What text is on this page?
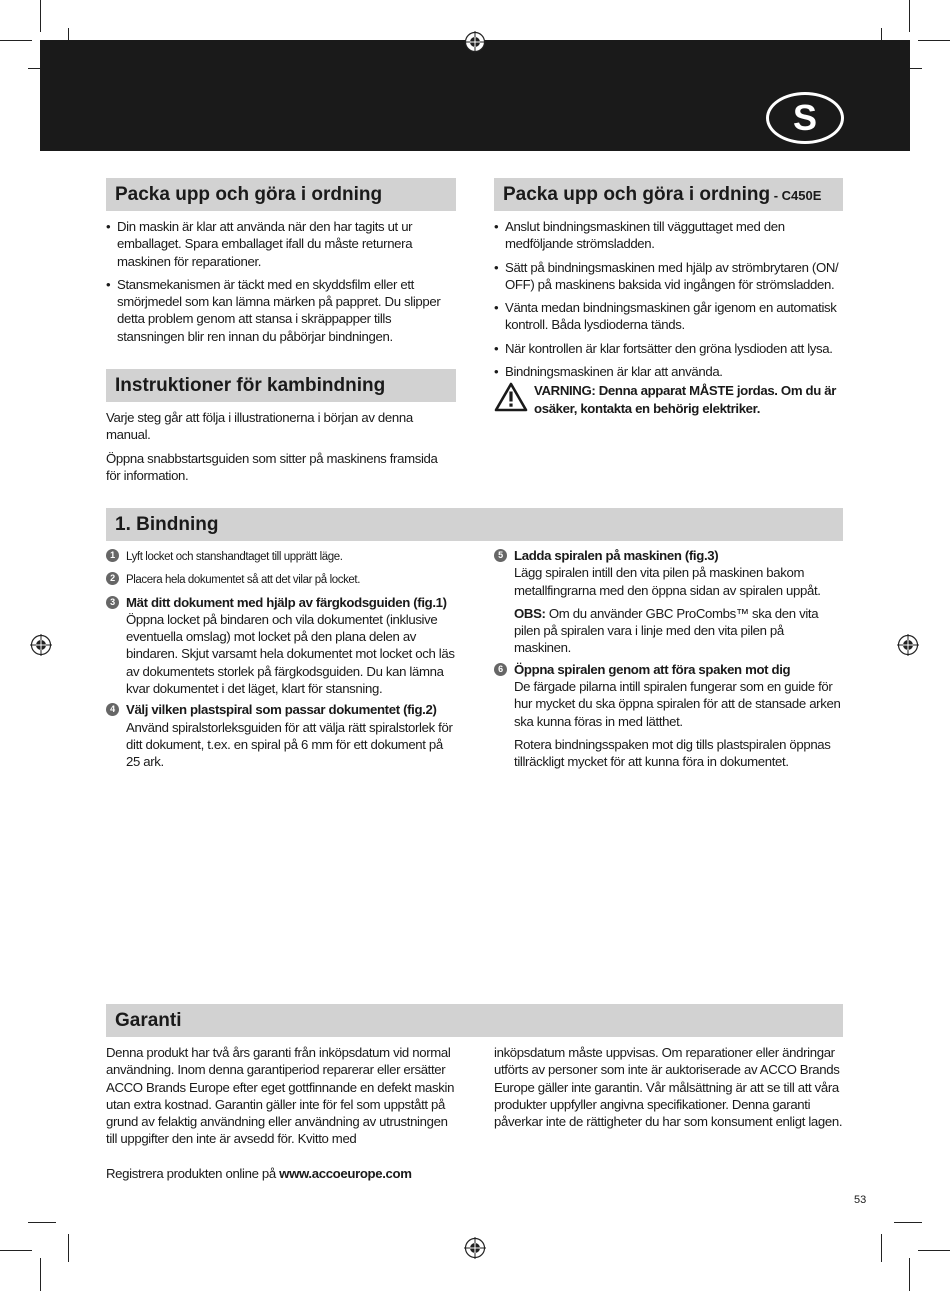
S
Packa upp och göra i ordning
• Din maskin är klar att använda när den har tagits ut ur emballaget. Spara emballaget ifall du måste returnera maskinen för reparationer.
• Stansmekanismen är täckt med en skyddsfilm eller ett smörjmedel som kan lämna märken på pappret. Du slipper detta problem genom att stansa i skräppapper tills stansningen blir ren innan du påbörjar bindningen.
Packa upp och göra i ordning - C450E
• Anslut bindningsmaskinen till vägguttaget med den medföljande strömsladden.
• Sätt på bindningsmaskinen med hjälp av strömbrytaren (ON/ OFF) på maskinens baksida vid ingången för strömsladden.
• Vänta medan bindningsmaskinen går igenom en automatisk kontroll. Båda lysdioderna tänds.
• När kontrollen är klar fortsätter den gröna lysdioden att lysa.
• Bindningsmaskinen är klar att använda.
VARNING: Denna apparat MÅSTE jordas. Om du är osäker, kontakta en behörig elektriker.
Instruktioner för kambindning

Varje steg går att följa i illustrationerna i början av denna manual.

Öppna snabbstartsguiden som sitter på maskinens framsida för information.

1. Bindning
1 Lyft locket och stanshandtaget till upprätt läge.
2 Placera hela dokumentet så att det vilar på locket.
3 Mät ditt dokument med hjälp av färgkodsguiden (fig.1)
Öppna locket på bindaren och vila dokumentet (inklusive eventuella omslag) mot locket på den plana delen av bindaren. Skjut varsamt hela dokumentet mot locket och läs av dokumentets storlek på färgkodsguiden. Du kan lämna kvar dokumentet i det läget, klart för stansning.
4 Välj vilken plastspiral som passar dokumentet (fig.2)
Använd spiralstorleksguiden för att välja rätt spiralstorlek för ditt dokument, t.ex. en spiral på 6 mm för ett dokument på 25 ark.
5 Ladda spiralen på maskinen (fig.3)
Lägg spiralen intill den vita pilen på maskinen bakom metallfingrarna med den öppna sidan av spiralen uppåt.
OBS: Om du använder GBC ProCombs™ ska den vita pilen på spiralen vara i linje med den vita pilen på maskinen.
6 Öppna spiralen genom att föra spaken mot dig
De färgade pilarna intill spiralen fungerar som en guide för hur mycket du ska öppna spiralen för att de stansade arken ska kunna föras in med lätthet.
Rotera bindningsspaken mot dig tills plastspiralen öppnas tillräckligt mycket för att kunna föra in dokumentet.
Garanti

Denna produkt har två års garanti från inköpsdatum vid normal användning. Inom denna garantiperiod reparerar eller ersätter ACCO Brands Europe efter eget gottfinnande en defekt maskin utan extra kostnad. Garantin gäller inte för fel som uppstått på grund av felaktig användning eller användning av utrustningen till uppgifter den inte är avsedd för. Kvitto med

inköpsdatum måste uppvisas. Om reparationer eller ändringar utförts av personer som inte är auktoriserade av ACCO Brands Europe gäller inte garantin. Vår målsättning är att se till att våra produkter uppfyller angivna specifikationer. Denna garanti påverkar inte de rättigheter du har som konsument enligt lagen.

Registrera produkten online på www.accoeurope.com
53
